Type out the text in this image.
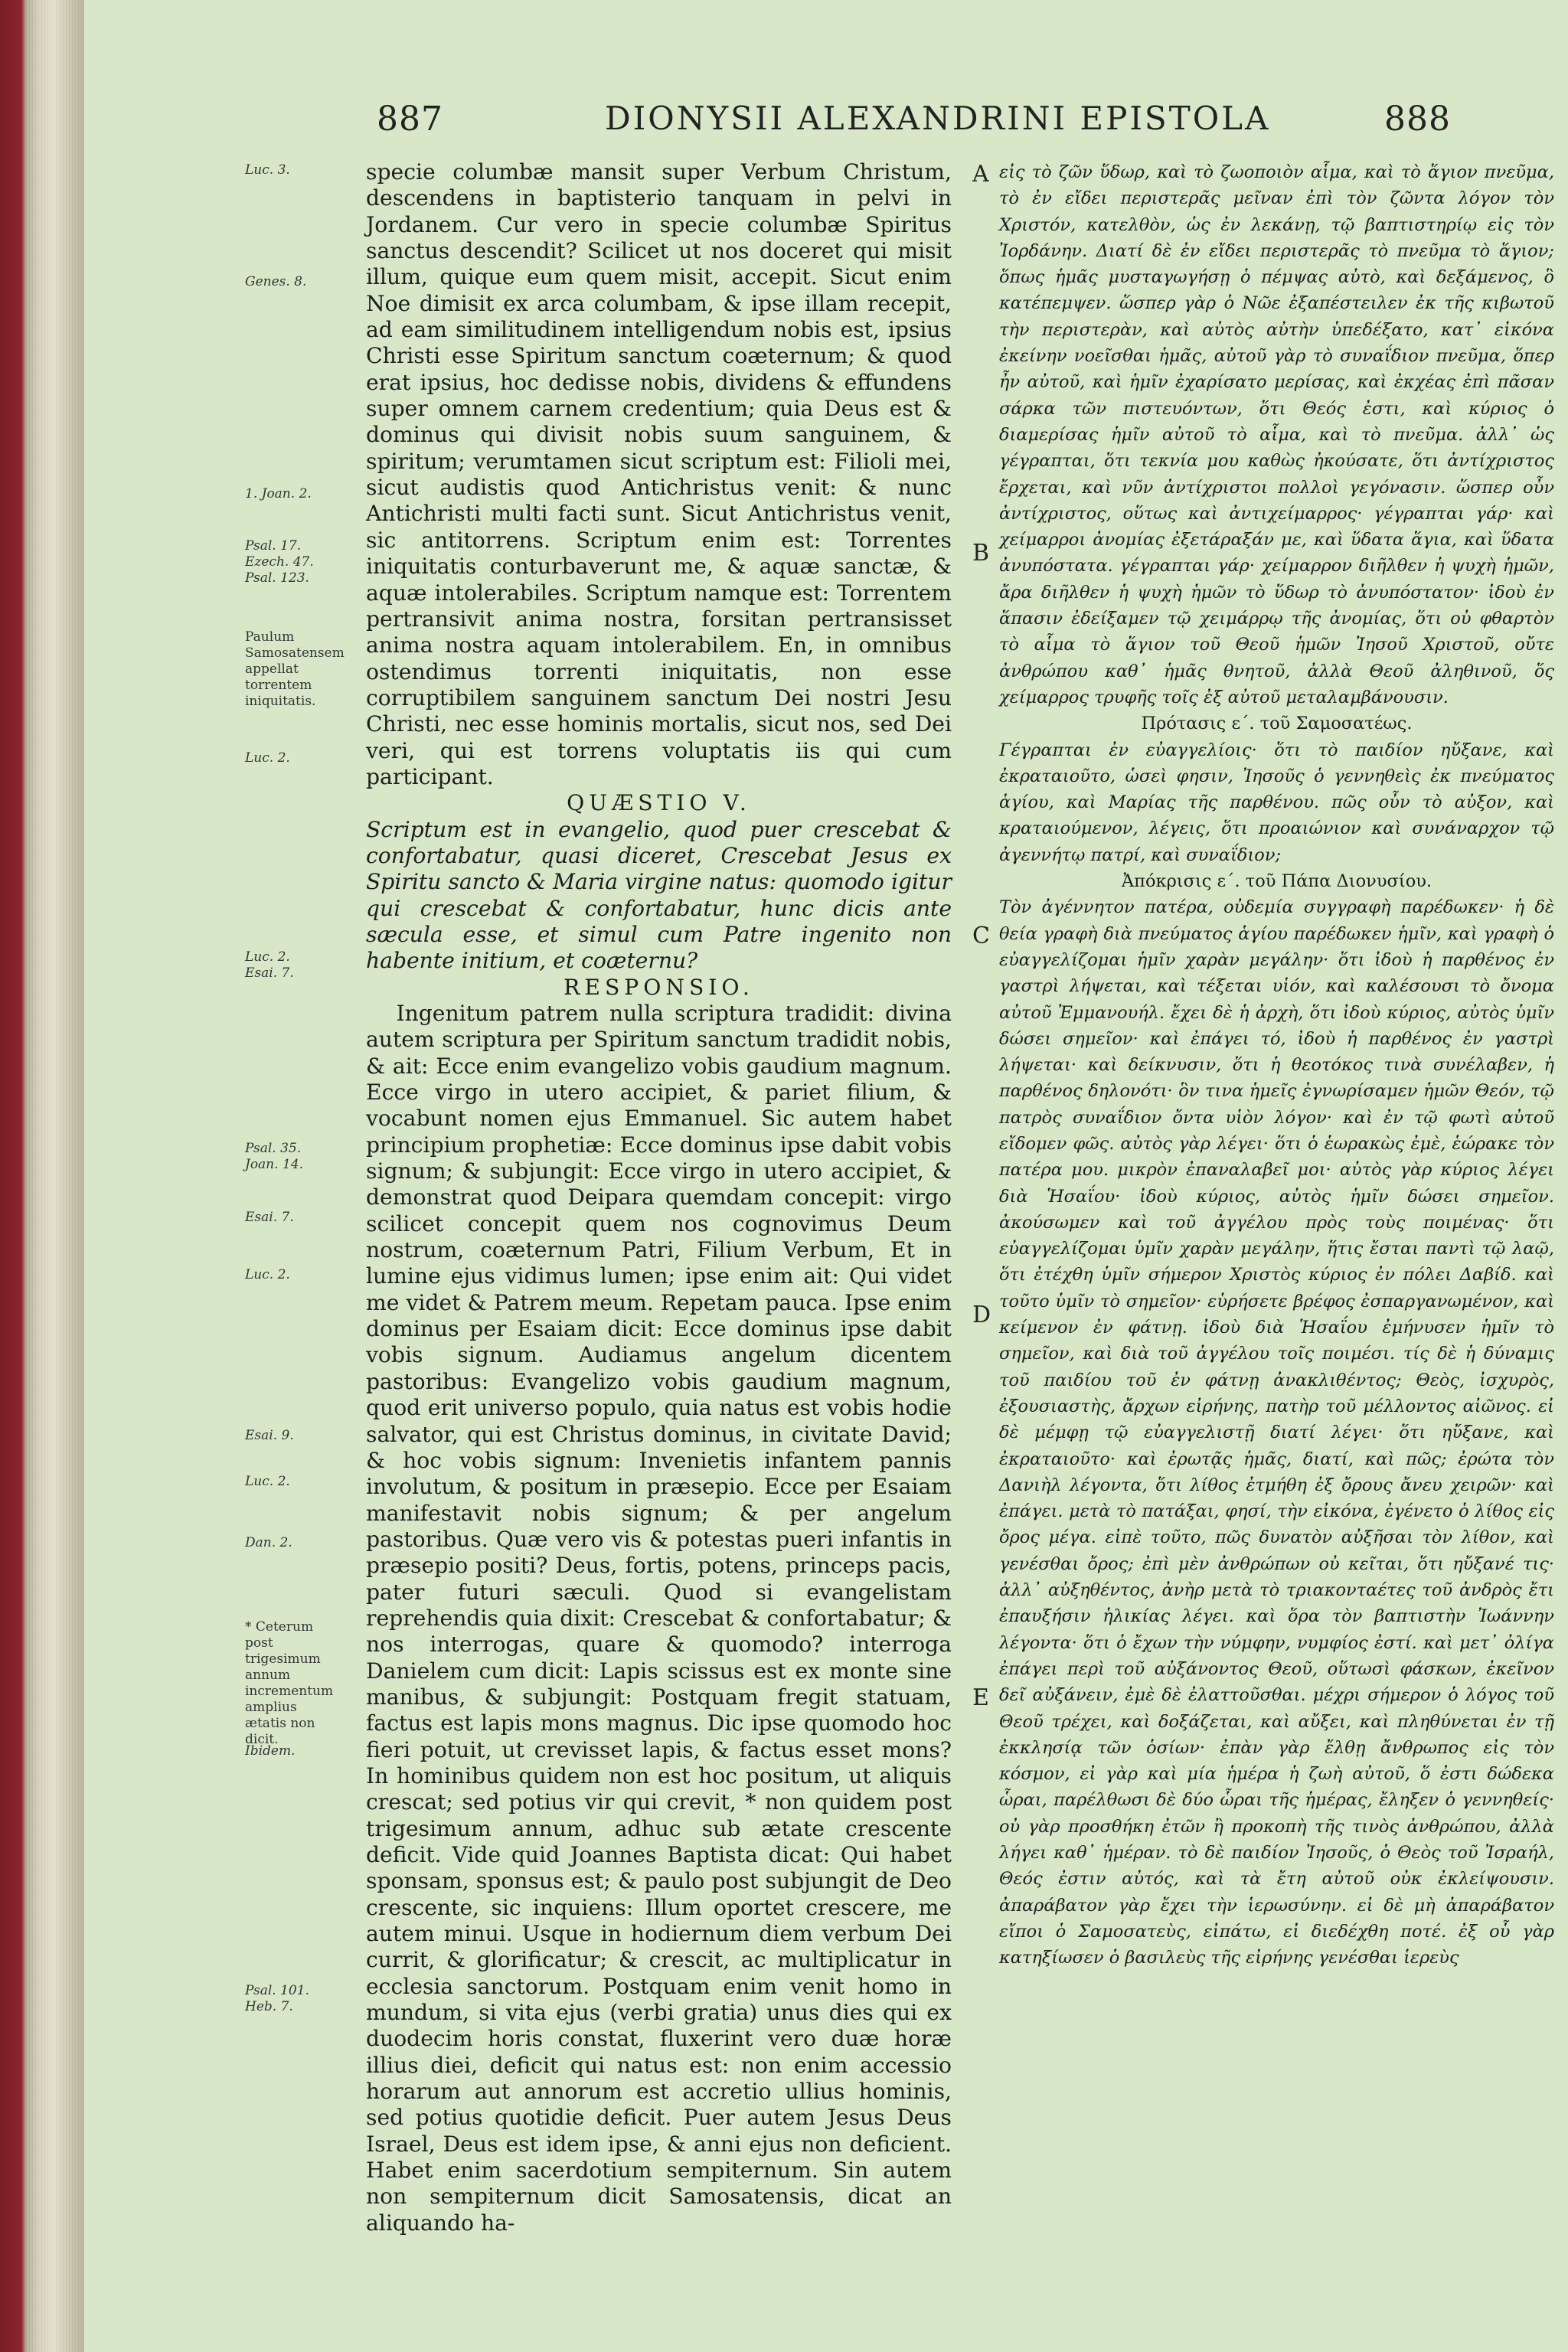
887	DIONYSII ALEXANDRINI EPISTOLA	888
Luc. 3.
Genes. 8.
1. Joan. 2.
Psal. 17.
Ezech. 47.
Psal. 123.
Paulum Samosatensem appellat torrentem iniquitatis.
Luc. 2.
Luc. 2.
Esai. 7.
Psal. 35.
Joan. 14.
Esai. 7.
Luc. 2.
Esai. 9.
Luc. 2.
Dan. 2.
* Ceterum post trigesimum annum incrementum amplius ætatis non dicit.
Ibidem.
Psal. 101.
Heb. 7.

specie columbæ mansit super Verbum Christum, descendens in baptisterio tanquam in pelvi in Jordanem. Cur vero in specie columbæ Spiritus sanctus descendit? Scilicet ut nos doceret qui misit illum, quique eum quem misit, accepit. Sicut enim Noe dimisit ex arca columbam, & ipse illam recepit, ad eam similitudinem intelligendum nobis est, ipsius Christi esse Spiritum sanctum coæternum; & quod erat ipsius, hoc dedisse nobis, dividens & effundens super omnem carnem credentium; quia Deus est & dominus qui divisit nobis suum sanguinem, & spiritum; verumtamen sicut scriptum est: Filioli mei, sicut audistis quod Antichristus venit: & nunc Antichristi multi facti sunt. Sicut Antichristus venit, sic antitorrens. Scriptum enim est: Torrentes iniquitatis conturbaverunt me, & aquæ sanctæ, & aquæ intolerabiles. Scriptum namque est: Torrentem pertransivit anima nostra, forsitan pertransisset anima nostra aquam intolerabilem. En, in omnibus ostendimus torrenti iniquitatis, non esse corruptibilem sanguinem sanctum Dei nostri Jesu Christi, nec esse hominis mortalis, sicut nos, sed Dei veri, qui est torrens voluptatis iis qui cum participant.

QUÆSTIO V.

Scriptum est in evangelio, quod puer crescebat & confortabatur, quasi diceret, Crescebat Jesus ex Spiritu sancto & Maria virgine natus: quomodo igitur qui crescebat & confortabatur, hunc dicis ante sæcula esse, et simul cum Patre ingenito non habente initium, et coæternu?

RESPONSIO.

Ingenitum patrem nulla scriptura tradidit: divina autem scriptura per Spiritum sanctum tradidit nobis, & ait: Ecce enim evangelizo vobis gaudium magnum. Ecce virgo in utero accipiet, & pariet filium, & vocabunt nomen ejus Emmanuel. Sic autem habet principium prophetiæ: Ecce dominus ipse dabit vobis signum; & subjungit: Ecce virgo in utero accipiet, & demonstrat quod Deipara quemdam concepit: virgo scilicet concepit quem nos cognovimus Deum nostrum, coæternum Patri, Filium Verbum, Et in lumine ejus vidimus lumen; ipse enim ait: Qui videt me videt & Patrem meum. Repetam pauca. Ipse enim dominus per Esaiam dicit: Ecce dominus ipse dabit vobis signum. Audiamus angelum dicentem pastoribus: Evangelizo vobis gaudium magnum, quod erit universo populo, quia natus est vobis hodie salvator, qui est Christus dominus, in civitate David; & hoc vobis signum: Invenietis infantem pannis involutum, & positum in præsepio. Ecce per Esaiam manifestavit nobis signum; & per angelum pastoribus. Quæ vero vis & potestas pueri infantis in præsepio positi? Deus, fortis, potens, princeps pacis, pater futuri sæculi. Quod si evangelistam reprehendis quia dixit: Crescebat & confortabatur; & nos interrogas, quare & quomodo? interroga Danielem cum dicit: Lapis scissus est ex monte sine manibus, & subjungit: Postquam fregit statuam, factus est lapis mons magnus. Dic ipse quomodo hoc fieri potuit, ut crevisset lapis, & factus esset mons? In hominibus quidem non est hoc positum, ut aliquis crescat; sed potius vir qui crevit, * non quidem post trigesimum annum, adhuc sub ætate crescente deficit. Vide quid Joannes Baptista dicat: Qui habet sponsam, sponsus est; & paulo post subjungit de Deo crescente, sic inquiens: Illum oportet crescere, me autem minui. Usque in hodiernum diem verbum Dei currit, & glorificatur; & crescit, ac multiplicatur in ecclesia sanctorum. Postquam enim venit homo in mundum, si vita ejus (verbi gratia) unus dies qui ex duodecim horis constat, fluxerint vero duæ horæ illius diei, deficit qui natus est: non enim accessio horarum aut annorum est accretio ullius hominis, sed potius quotidie deficit. Puer autem Jesus Deus Israel, Deus est idem ipse, & anni ejus non deficient. Habet enim sacerdotium sempiternum. Sin autem non sempiternum dicit Samosatensis, dicat an aliquando ha-

A
B
C
D
E

εἰς τὸ ζῶν ὕδωρ, καὶ τὸ ζωοποιὸν αἷμα, καὶ τὸ ἅγιον πνεῦμα, τὸ ἐν εἴδει περιστερᾶς μεῖναν ἐπὶ τὸν ζῶντα λόγον τὸν Χριστόν, κατελθὸν, ὡς ἐν λεκάνῃ, τῷ βαπτιστηρίῳ εἰς τὸν Ἰορδάνην. Διατί δὲ ἐν εἴδει περιστερᾶς τὸ πνεῦμα τὸ ἅγιον; ὅπως ἡμᾶς μυσταγωγήσῃ ὁ πέμψας αὐτὸ, καὶ δεξάμενος, ὃ κατέπεμψεν. ὥσπερ γὰρ ὁ Νῶε ἐξαπέστειλεν ἐκ τῆς κιβωτοῦ τὴν περιστερὰν, καὶ αὐτὸς αὐτὴν ὑπεδέξατο, κατ᾿ εἰκόνα ἐκείνην νοεῖσθαι ἡμᾶς, αὐτοῦ γὰρ τὸ συναΐδιον πνεῦμα, ὅπερ ἦν αὐτοῦ, καὶ ἡμῖν ἐχαρίσατο μερίσας, καὶ ἐκχέας ἐπὶ πᾶσαν σάρκα τῶν πιστευόντων, ὅτι Θεός ἐστι, καὶ κύριος ὁ διαμερίσας ἡμῖν αὐτοῦ τὸ αἷμα, καὶ τὸ πνεῦμα. ἀλλ᾿ ὡς γέγραπται, ὅτι τεκνία μου καθὼς ἠκούσατε, ὅτι ἀντίχριστος ἔρχεται, καὶ νῦν ἀντίχριστοι πολλοὶ γεγόνασιν. ὥσπερ οὖν ἀντίχριστος, οὕτως καὶ ἀντιχείμαρρος· γέγραπται γάρ· καὶ χείμαρροι ἀνομίας ἐξετάραξάν με, καὶ ὕδατα ἅγια, καὶ ὕδατα ἀνυπόστατα. γέγραπται γάρ· χείμαρρον διῆλθεν ἡ ψυχὴ ἡμῶν, ἄρα διῆλθεν ἡ ψυχὴ ἡμῶν τὸ ὕδωρ τὸ ἀνυπόστατον· ἰδοὺ ἐν ἅπασιν ἐδείξαμεν τῷ χειμάρρῳ τῆς ἀνομίας, ὅτι οὐ φθαρτὸν τὸ αἷμα τὸ ἅγιον τοῦ Θεοῦ ἡμῶν Ἰησοῦ Χριστοῦ, οὔτε ἀνθρώπου καθ᾿ ἡμᾶς θνητοῦ, ἀλλὰ Θεοῦ ἀληθινοῦ, ὅς χείμαρρος τρυφῆς τοῖς ἐξ αὐτοῦ μεταλαμβάνουσιν.

Πρότασις ε΄. τοῦ Σαμοσατέως.

Γέγραπται ἐν εὐαγγελίοις· ὅτι τὸ παιδίον ηὔξανε, καὶ ἐκραταιοῦτο, ὡσεὶ φησιν, Ἰησοῦς ὁ γεννηθεὶς ἐκ πνεύματος ἁγίου, καὶ Μαρίας τῆς παρθένου. πῶς οὖν τὸ αὐξον, καὶ κραταιούμενον, λέγεις, ὅτι προαιώνιον καὶ συνάναρχον τῷ ἀγεννήτῳ πατρί, καὶ συναΐδιον;

Ἀπόκρισις ε΄. τοῦ Πάπα Διονυσίου.

Τὸν ἀγέννητον πατέρα, οὐδεμία συγγραφὴ παρέδωκεν· ἡ δὲ θεία γραφὴ διὰ πνεύματος ἁγίου παρέδωκεν ἡμῖν, καὶ γραφὴ ὁ εὐαγγελίζομαι ἡμῖν χαρὰν μεγάλην· ὅτι ἰδοὺ ἡ παρθένος ἐν γαστρὶ λήψεται, καὶ τέξεται υἱόν, καὶ καλέσουσι τὸ ὄνομα αὐτοῦ Ἐμμανουήλ. ἔχει δὲ ἡ ἀρχὴ, ὅτι ἰδοὺ κύριος, αὐτὸς ὑμῖν δώσει σημεῖον· καὶ ἐπάγει τό, ἰδοὺ ἡ παρθένος ἐν γαστρὶ λήψεται· καὶ δείκνυσιν, ὅτι ἡ θεοτόκος τινὰ συνέλαβεν, ἡ παρθένος δηλονότι· ὃν τινα ἡμεῖς ἐγνωρίσαμεν ἡμῶν Θεόν, τῷ πατρὸς συναΐδιον ὄντα υἱὸν λόγον· καὶ ἐν τῷ φωτὶ αὐτοῦ εἴδομεν φῶς. αὐτὸς γὰρ λέγει· ὅτι ὁ ἑωρακὼς ἐμὲ, ἑώρακε τὸν πατέρα μου. μικρὸν ἐπαναλαβεῖ μοι· αὐτὸς γὰρ κύριος λέγει διὰ Ἡσαΐου· ἰδοὺ κύριος, αὐτὸς ἡμῖν δώσει σημεῖον. ἀκούσωμεν καὶ τοῦ ἀγγέλου πρὸς τοὺς ποιμένας· ὅτι εὐαγγελίζομαι ὑμῖν χαρὰν μεγάλην, ἥτις ἔσται παντὶ τῷ λαῷ, ὅτι ἐτέχθη ὑμῖν σήμερον Χριστὸς κύριος ἐν πόλει Δαβίδ. καὶ τοῦτο ὑμῖν τὸ σημεῖον· εὑρήσετε βρέφος ἐσπαργανωμένον, καὶ κείμενον ἐν φάτνῃ. ἰδοὺ διὰ Ἡσαΐου ἐμήνυσεν ἡμῖν τὸ σημεῖον, καὶ διὰ τοῦ ἀγγέλου τοῖς ποιμέσι. τίς δὲ ἡ δύναμις τοῦ παιδίου τοῦ ἐν φάτνῃ ἀνακλιθέντος; Θεὸς, ἰσχυρὸς, ἐξουσιαστὴς, ἄρχων εἰρήνης, πατὴρ τοῦ μέλλοντος αἰῶνος. εἰ δὲ μέμφῃ τῷ εὐαγγελιστῇ διατί λέγει· ὅτι ηὔξανε, καὶ ἐκραταιοῦτο· καὶ ἐρωτᾷς ἡμᾶς, διατί, καὶ πῶς; ἐρώτα τὸν Δανιὴλ λέγοντα, ὅτι λίθος ἐτμήθη ἐξ ὄρους ἄνευ χειρῶν· καὶ ἐπάγει. μετὰ τὸ πατάξαι, φησί, τὴν εἰκόνα, ἐγένετο ὁ λίθος εἰς ὄρος μέγα. εἰπὲ τοῦτο, πῶς δυνατὸν αὐξῆσαι τὸν λίθον, καὶ γενέσθαι ὄρος; ἐπὶ μὲν ἀνθρώπων οὐ κεῖται, ὅτι ηὔξανέ τις· ἀλλ᾿ αὐξηθέντος, ἀνὴρ μετὰ τὸ τριακονταέτες τοῦ ἀνδρὸς ἔτι ἐπαυξήσιν ἡλικίας λέγει. καὶ ὅρα τὸν βαπτιστὴν Ἰωάννην λέγοντα· ὅτι ὁ ἔχων τὴν νύμφην, νυμφίος ἐστί. καὶ μετ᾿ ὀλίγα ἐπάγει περὶ τοῦ αὐξάνοντος Θεοῦ, οὕτωσὶ φάσκων, ἐκεῖνον δεῖ αὐξάνειν, ἐμὲ δὲ ἐλαττοῦσθαι. μέχρι σήμερον ὁ λόγος τοῦ Θεοῦ τρέχει, καὶ δοξάζεται, καὶ αὔξει, καὶ πληθύνεται ἐν τῇ ἐκκλησίᾳ τῶν ὁσίων· ἐπὰν γὰρ ἔλθῃ ἄνθρωπος εἰς τὸν κόσμον, εἰ γὰρ καὶ μία ἡμέρα ἡ ζωὴ αὐτοῦ, ὅ ἐστι δώδεκα ὧραι, παρέλθωσι δὲ δύο ὧραι τῆς ἡμέρας, ἔληξεν ὁ γεννηθείς· οὐ γὰρ προσθήκη ἐτῶν ἢ προκοπὴ τῆς τινὸς ἀνθρώπου, ἀλλὰ λήγει καθ᾿ ἡμέραν. τὸ δὲ παιδίον Ἰησοῦς, ὁ Θεὸς τοῦ Ἰσραήλ, Θεός ἐστιν αὐτός, καὶ τὰ ἔτη αὐτοῦ οὐκ ἐκλείψουσιν. ἀπαράβατον γὰρ ἔχει τὴν ἱερωσύνην. εἰ δὲ μὴ ἀπαράβατον εἴποι ὁ Σαμοσατεὺς, εἰπάτω, εἰ διεδέχθη ποτέ. ἐξ οὗ γὰρ κατηξίωσεν ὁ βασιλεὺς τῆς εἰρήνης γενέσθαι ἱερεὺς
